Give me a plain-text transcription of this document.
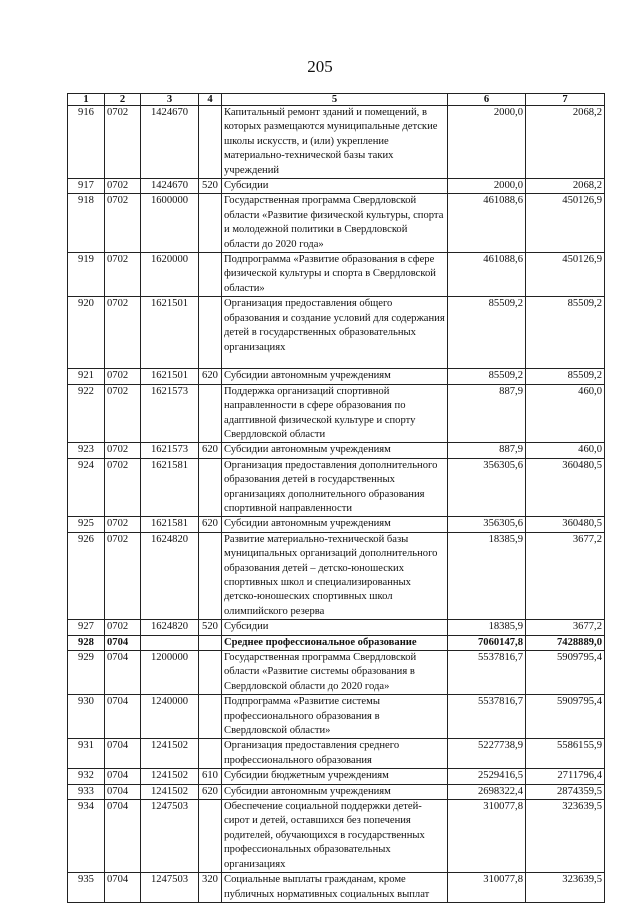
205
1	2	3	4	5	6	7
916	0702	1424670		Капитальный ремонт зданий и помещений, в которых размещаются муниципальные детские школы искусств, и (или) укрепление материально-технической базы таких учреждений	2000,0	2068,2
917	0702	1424670	520	Субсидии	2000,0	2068,2
918	0702	1600000		Государственная программа Свердловской области «Развитие физической культуры, спорта и молодежной политики в Свердловской области до 2020 года»	461088,6	450126,9
919	0702	1620000		Подпрограмма «Развитие образования в сфере физической культуры и спорта в Свердловской области»	461088,6	450126,9
920	0702	1621501		Организация предоставления общего образования и создание условий для содержания детей в государственных образовательных организациях	85509,2	85509,2
921	0702	1621501	620	Субсидии автономным учреждениям	85509,2	85509,2
922	0702	1621573		Поддержка организаций спортивной направленности в сфере образования по адаптивной физической культуре и спорту Свердловской области	887,9	460,0
923	0702	1621573	620	Субсидии автономным учреждениям	887,9	460,0
924	0702	1621581		Организация предоставления дополнительного образования детей в государственных организациях дополнительного образования спортивной направленности	356305,6	360480,5
925	0702	1621581	620	Субсидии автономным учреждениям	356305,6	360480,5
926	0702	1624820		Развитие материально-технической базы муниципальных организаций дополнительного образования детей – детско-юношеских спортивных школ и специализированных детско-юношеских спортивных школ олимпийского резерва	18385,9	3677,2
927	0702	1624820	520	Субсидии	18385,9	3677,2
928	0704			Среднее профессиональное образование	7060147,8	7428889,0
929	0704	1200000		Государственная программа Свердловской области «Развитие системы образования в Свердловской области до 2020 года»	5537816,7	5909795,4
930	0704	1240000		Подпрограмма «Развитие системы профессионального образования в Свердловской области»	5537816,7	5909795,4
931	0704	1241502		Организация предоставления среднего профессионального образования	5227738,9	5586155,9
932	0704	1241502	610	Субсидии бюджетным учреждениям	2529416,5	2711796,4
933	0704	1241502	620	Субсидии автономным учреждениям	2698322,4	2874359,5
934	0704	1247503		Обеспечение социальной поддержки детей-сирот и детей, оставшихся без попечения родителей, обучающихся в государственных профессиональных образовательных организациях	310077,8	323639,5
935	0704	1247503	320	Социальные выплаты гражданам, кроме публичных нормативных социальных выплат	310077,8	323639,5
